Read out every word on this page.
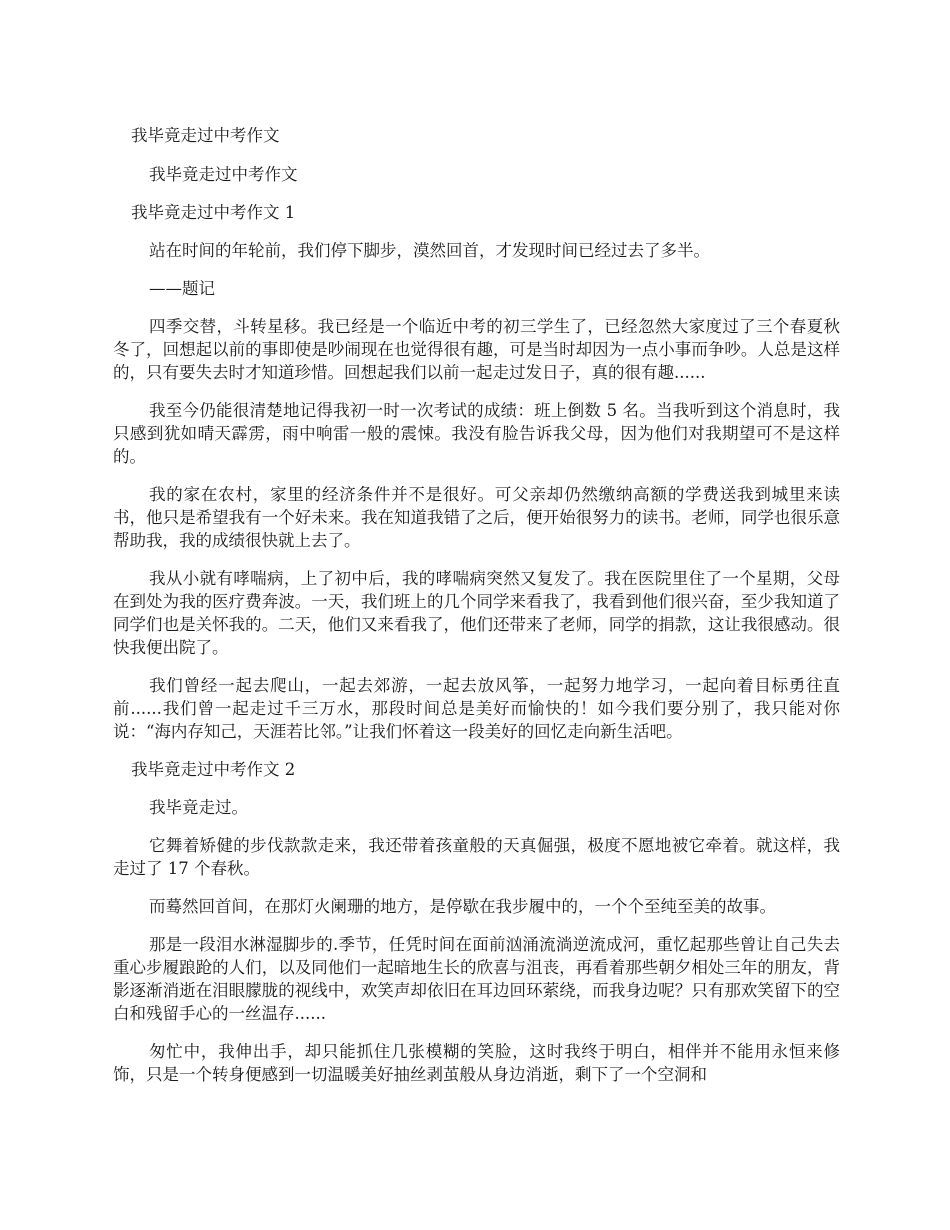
我毕竟走过中考作文

我毕竟走过中考作文

我毕竟走过中考作文 1

站在时间的年轮前，我们停下脚步，漠然回首，才发现时间已经过去了多半。

——题记

四季交替，斗转星移。我已经是一个临近中考的初三学生了，已经忽然大家度过了三个春夏秋冬了，回想起以前的事即使是吵闹现在也觉得很有趣，可是当时却因为一点小事而争吵。人总是这样的，只有要失去时才知道珍惜。回想起我们以前一起走过发日子，真的很有趣......

我至今仍能很清楚地记得我初一时一次考试的成绩：班上倒数 5 名。当我听到这个消息时，我只感到犹如晴天霹雳，雨中响雷一般的震悚。我没有脸告诉我父母，因为他们对我期望可不是这样的。

我的家在农村，家里的经济条件并不是很好。可父亲却仍然缴纳高额的学费送我到城里来读书，他只是希望我有一个好未来。我在知道我错了之后，便开始很努力的读书。老师，同学也很乐意帮助我，我的成绩很快就上去了。

我从小就有哮喘病，上了初中后，我的哮喘病突然又复发了。我在医院里住了一个星期，父母在到处为我的医疗费奔波。一天，我们班上的几个同学来看我了，我看到他们很兴奋，至少我知道了同学们也是关怀我的。二天，他们又来看我了，他们还带来了老师，同学的捐款，这让我很感动。很快我便出院了。

我们曾经一起去爬山，一起去郊游，一起去放风筝，一起努力地学习，一起向着目标勇往直前......我们曾一起走过千三万水，那段时间总是美好而愉快的！如今我们要分别了，我只能对你说：“海内存知己，天涯若比邻。”让我们怀着这一段美好的回忆走向新生活吧。

我毕竟走过中考作文 2

我毕竟走过。

它舞着矫健的步伐款款走来，我还带着孩童般的天真倔强，极度不愿地被它牵着。就这样，我走过了 17 个春秋。

而蓦然回首间，在那灯火阑珊的地方，是停歇在我步履中的，一个个至纯至美的故事。

那是一段泪水淋湿脚步的.季节，任凭时间在面前汹涌流淌逆流成河，重忆起那些曾让自己失去重心步履踉跄的人们，以及同他们一起暗地生长的欣喜与沮丧，再看着那些朝夕相处三年的朋友，背影逐渐消逝在泪眼朦胧的视线中，欢笑声却依旧在耳边回环萦绕，而我身边呢？只有那欢笑留下的空白和残留手心的一丝温存......

匆忙中，我伸出手，却只能抓住几张模糊的笑脸，这时我终于明白，相伴并不能用永恒来修饰，只是一个转身便感到一切温暖美好抽丝剥茧般从身边消逝，剩下了一个空洞和
